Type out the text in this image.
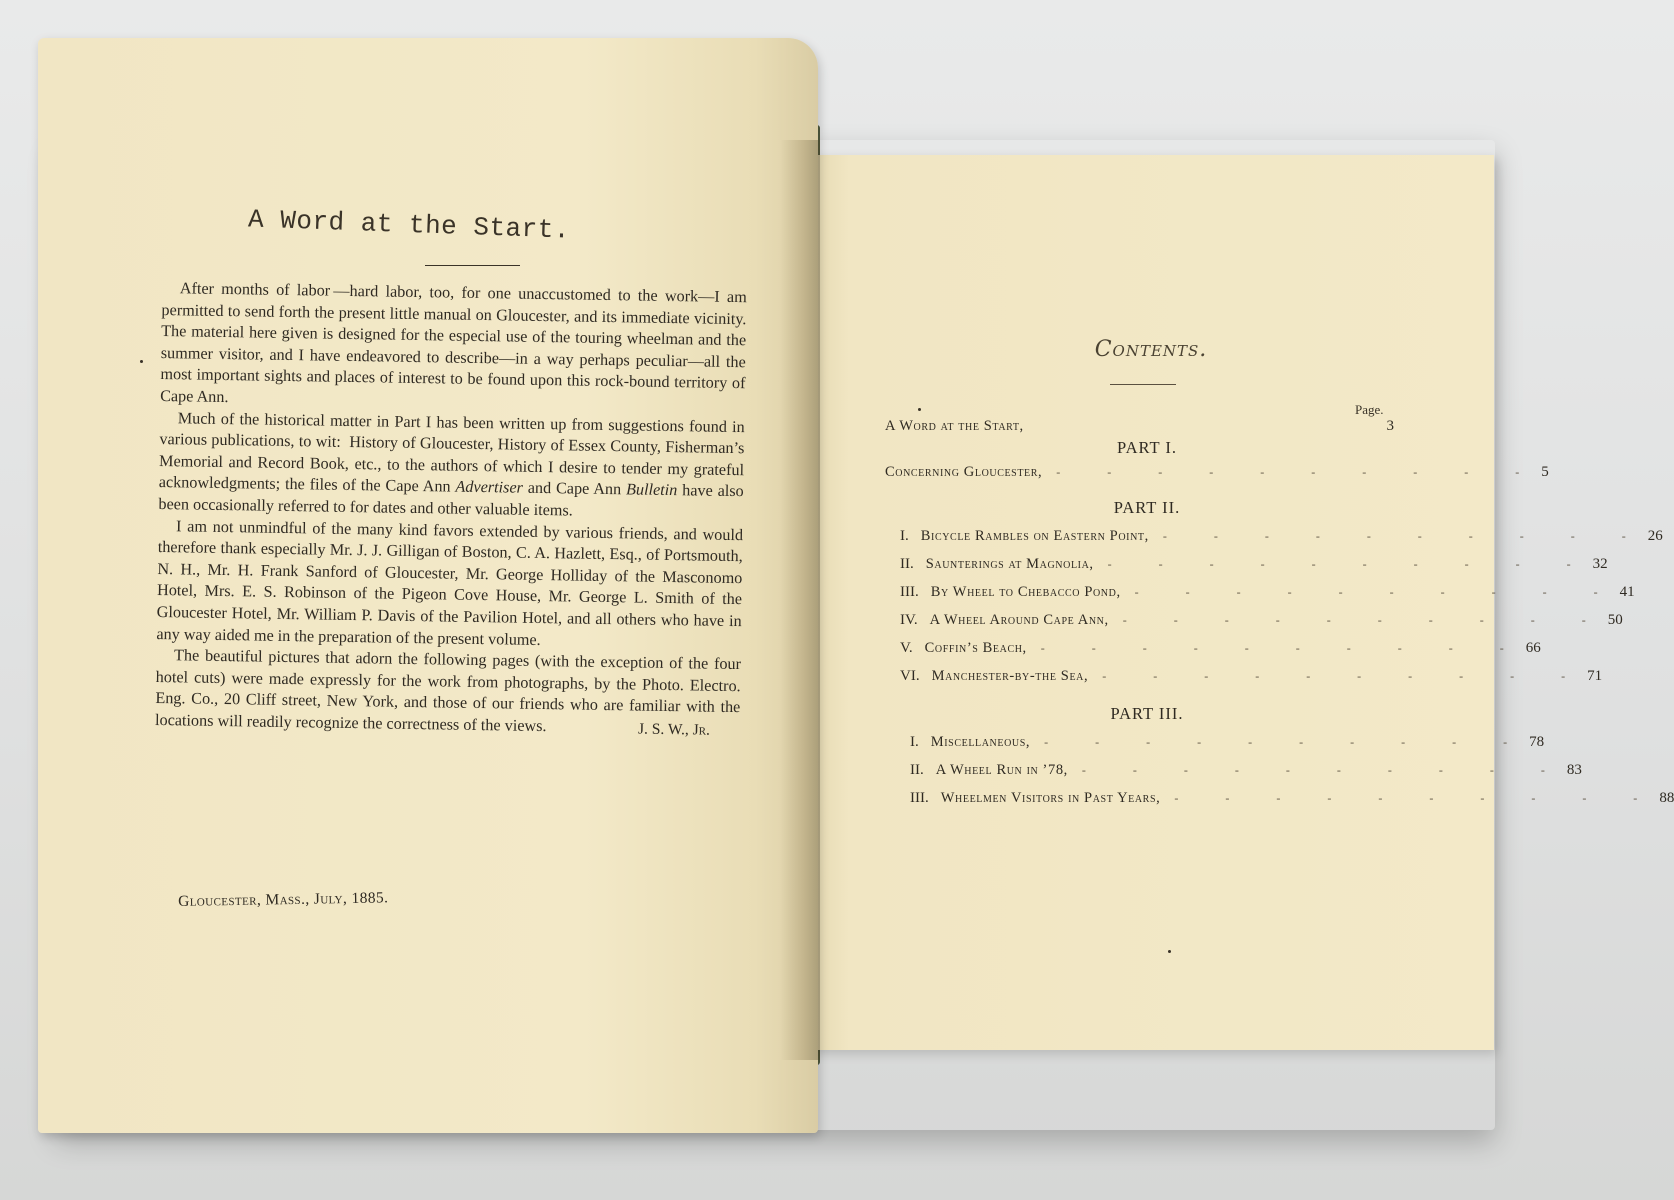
A Word at the Start.

After months of labor —hard labor, too, for one unaccustomed to the work—I am permitted to send forth the present little manual on Gloucester, and its immediate vicinity. The material here given is designed for the especial use of the touring wheelman and the summer visitor, and I have endeavored to describe—in a way perhaps peculiar—all the most important sights and places of interest to be found upon this rock-bound territory of Cape Ann.

Much of the historical matter in Part I has been written up from suggestions found in various publications, to wit:  History of Gloucester, History of Essex County, Fisherman’s Memorial and Record Book, etc., to the authors of which I desire to tender my grateful acknowledgments; the files of the Cape Ann Advertiser and Cape Ann Bulletin have also been occasionally referred to for dates and other valuable items.

I am not unmindful of the many kind favors extended by various friends, and would therefore thank especially Mr. J. J. Gilligan of Boston, C. A. Hazlett, Esq., of Portsmouth, N. H., Mr. H. Frank Sanford of Gloucester, Mr. George Holliday of the Masconomo Hotel, Mrs. E. S. Robinson of the Pigeon Cove House, Mr. George L. Smith of the Gloucester Hotel, Mr. William P. Davis of the Pavilion Hotel, and all others who have in any way aided me in the preparation of the present volume.

The beautiful pictures that adorn the following pages (with the exception of the four hotel cuts) were made expressly for the work from photographs, by the Photo. Electro. Eng. Co., 20 Cliff street, New York, and those of our friends who are familiar with the locations will readily recognize the correctness of the views.	J. S. W., Jr.
Gloucester, Mass., July, 1885.
Contents.
Page.
A Word at the Start,	3
PART I.
Concerning Gloucester,	- - - - - - - - - - 5
PART II.
I. Bicycle Rambles on Eastern Point,	- - - - - - - - - - 26
II. Saunterings at Magnolia,	- - - - - - - - - - 32
III. By Wheel to Chebacco Pond,	- - - - - - - - - - 41
IV. A Wheel Around Cape Ann,	- - - - - - - - - - 50
V. Coffin’s Beach,	- - - - - - - - - - 66
VI. Manchester-by-the Sea,	- - - - - - - - - - 71
PART III.
I. Miscellaneous,	- - - - - - - - - - 78
II. A Wheel Run in ’78,	- - - - - - - - - - 83
III. Wheelmen Visitors in Past Years,	- - - - - - - - - - 88
